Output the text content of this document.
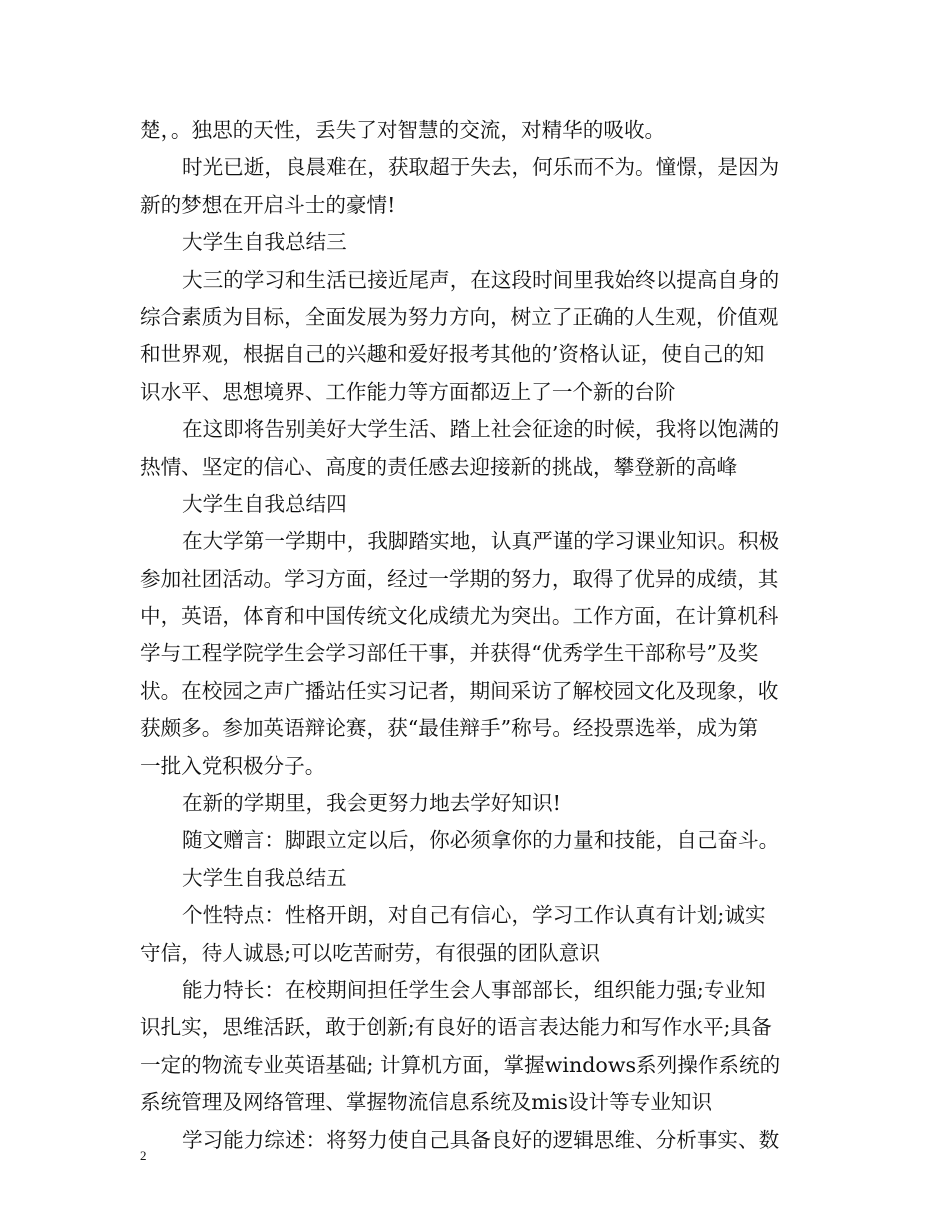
楚，。独思的天性，丢失了对智慧的交流，对精华的吸收。
时光已逝，良晨难在，获取超于失去，何乐而不为。憧憬，是因为
新的梦想在开启斗士的豪情!
大学生自我总结三
大三的学习和生活已接近尾声，在这段时间里我始终以提高自身的
综合素质为目标，全面发展为努力方向，树立了正确的人生观，价值观
和世界观，根据自己的兴趣和爱好报考其他的’资格认证，使自己的知
识水平、思想境界、工作能力等方面都迈上了一个新的台阶
在这即将告别美好大学生活、踏上社会征途的时候，我将以饱满的
热情、坚定的信心、高度的责任感去迎接新的挑战，攀登新的高峰
大学生自我总结四
在大学第一学期中，我脚踏实地，认真严谨的学习课业知识。积极
参加社团活动。学习方面，经过一学期的努力，取得了优异的成绩，其
中，英语，体育和中国传统文化成绩尤为突出。工作方面，在计算机科
学与工程学院学生会学习部任干事，并获得“优秀学生干部称号”及奖
状。在校园之声广播站任实习记者，期间采访了解校园文化及现象，收
获颇多。参加英语辩论赛，获“最佳辩手”称号。经投票选举，成为第
一批入党积极分子。
在新的学期里，我会更努力地去学好知识!
随文赠言：脚跟立定以后，你必须拿你的力量和技能，自己奋斗。
大学生自我总结五
个性特点：性格开朗，对自己有信心，学习工作认真有计划;诚实
守信，待人诚恳;可以吃苦耐劳，有很强的团队意识
能力特长：在校期间担任学生会人事部部长，组织能力强;专业知
识扎实，思维活跃，敢于创新;有良好的语言表达能力和写作水平;具备
一定的物流专业英语基础; 计算机方面，掌握windows系列操作系统的
系统管理及网络管理、掌握物流信息系统及mis设计等专业知识
学习能力综述：将努力使自己具备良好的逻辑思维、分析事实、数
2
